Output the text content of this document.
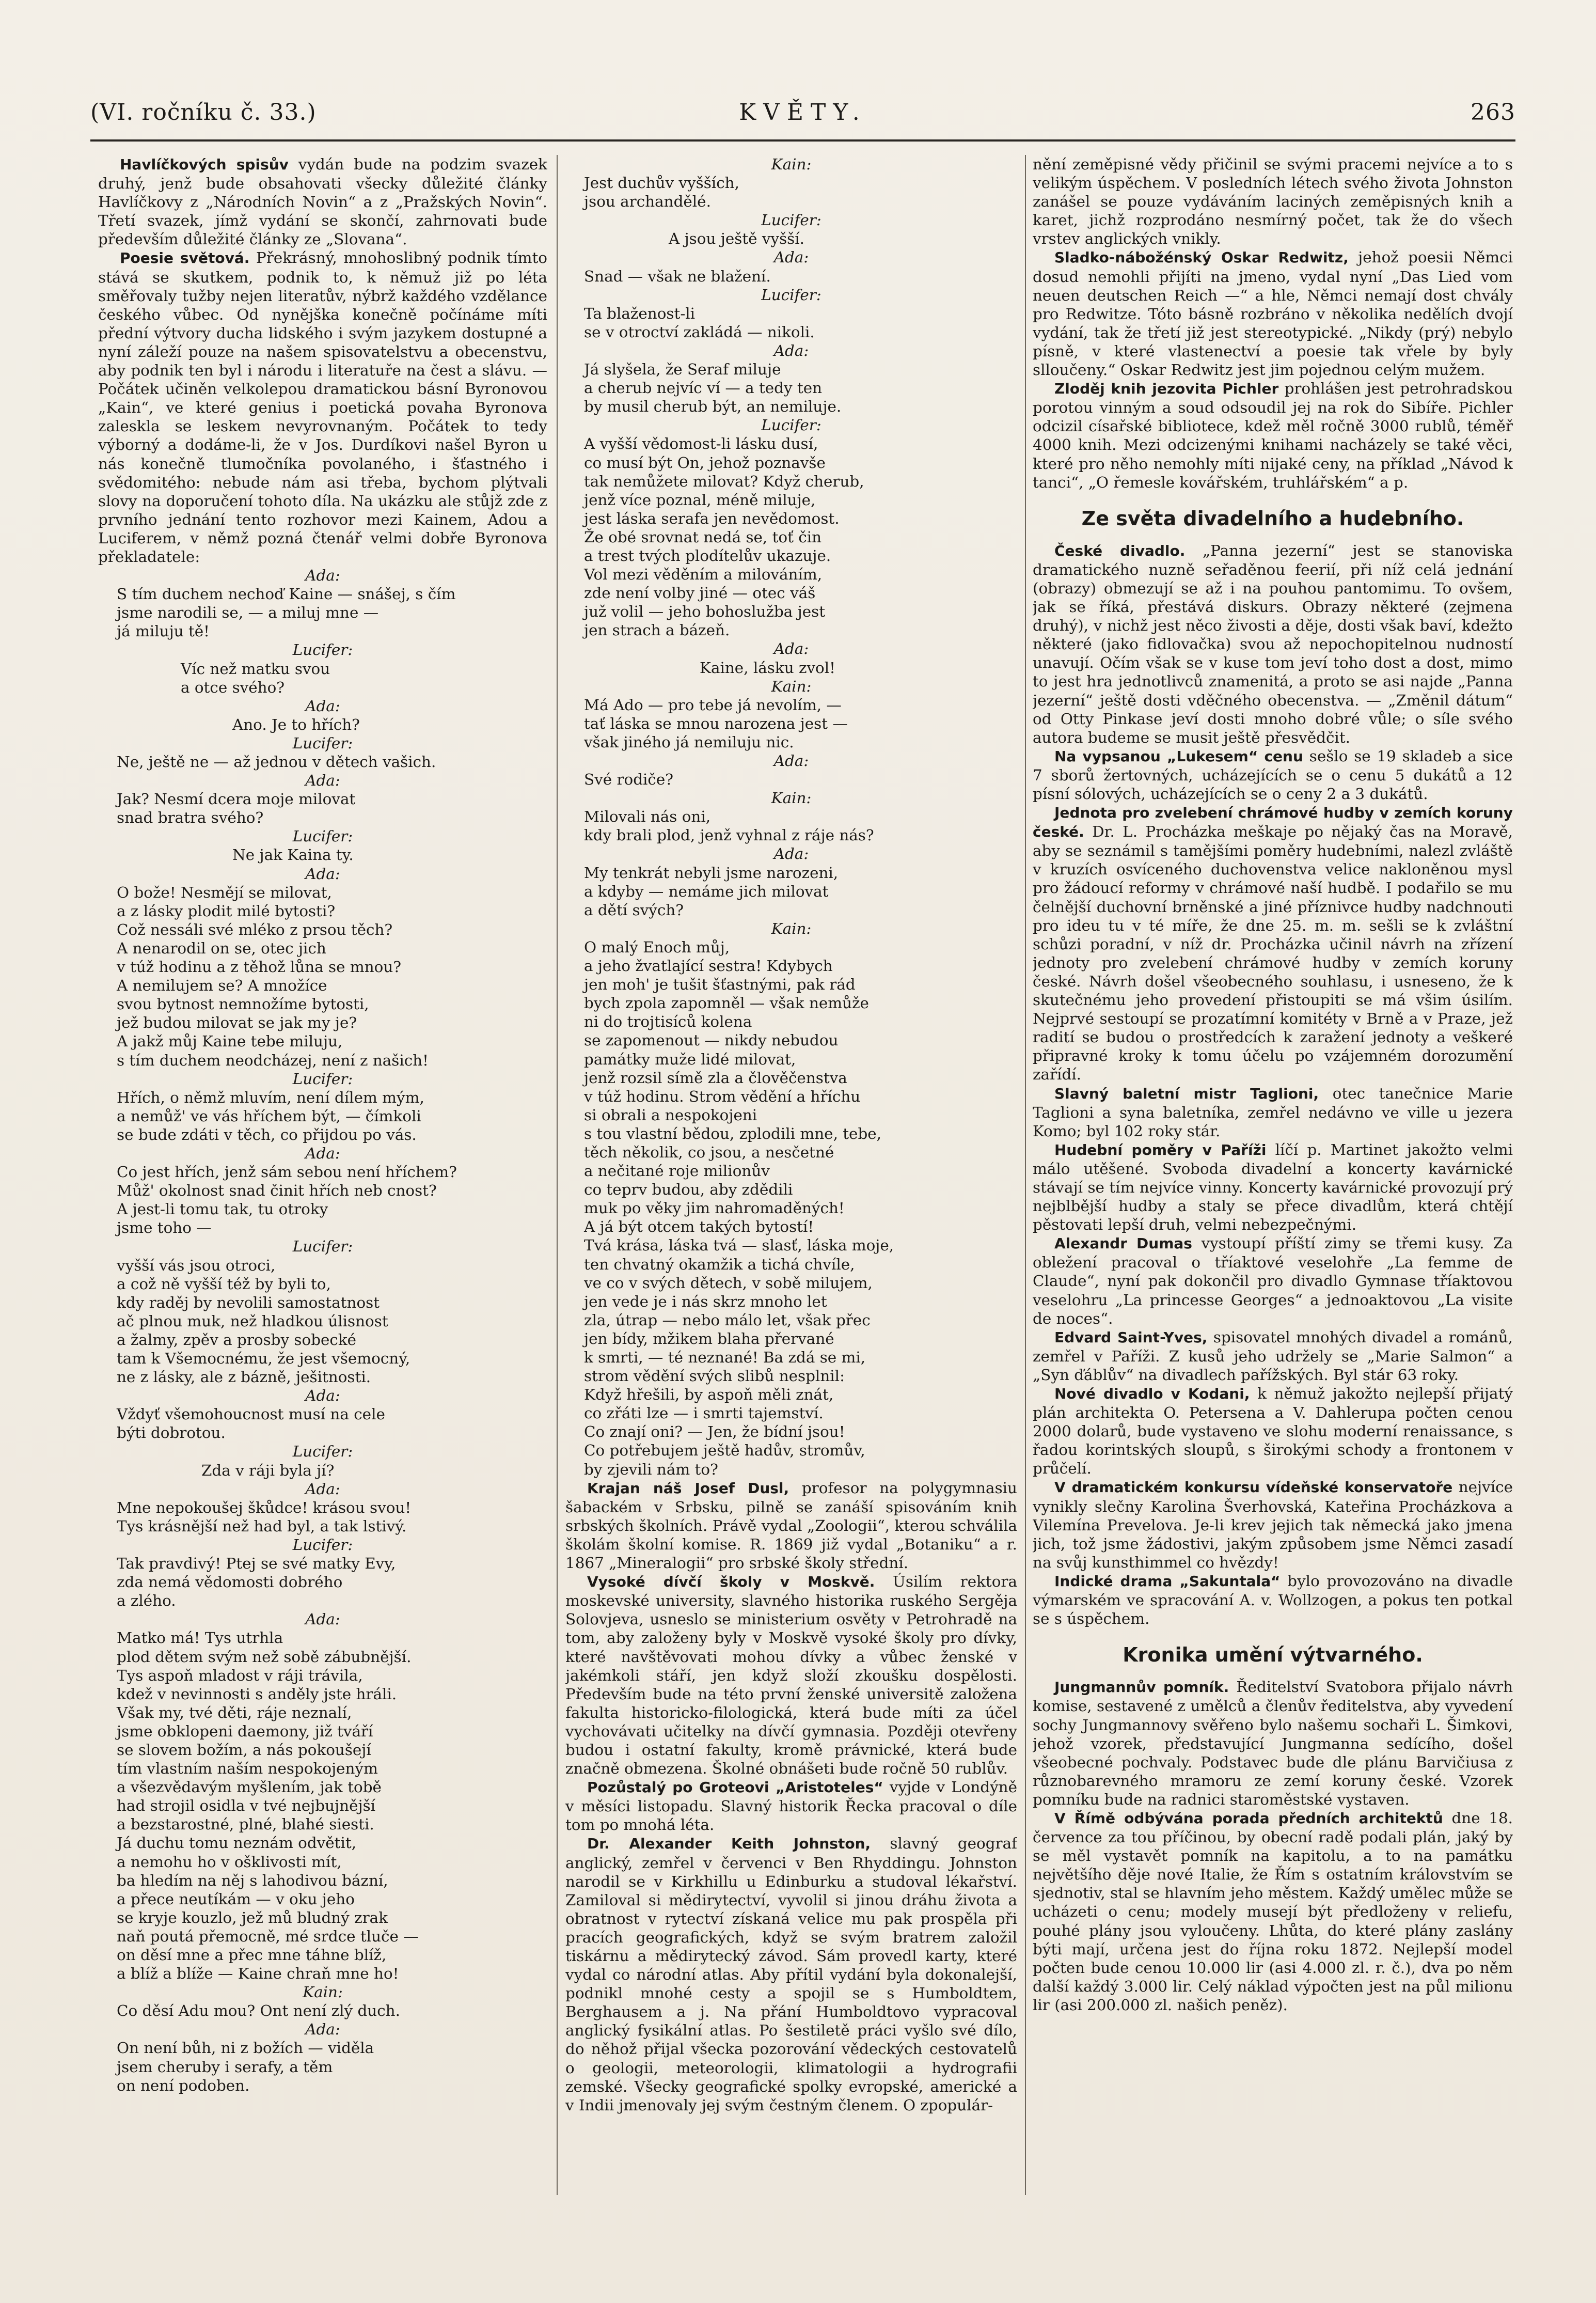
(VI. ročníku č. 33.)	KVĚTY.	263

Havlíčkových spisův vydán bude na podzim svazek druhý, jenž bude obsahovati všecky důležité články Havlíčkovy z „Národních Novin“ a z „Pražských Novin“. Třetí svazek, jímž vydání se skončí, zahrnovati bude především důležité články ze „Slovana“.

Poesie světová. Překrásný, mnohoslibný podnik tímto stává se skutkem, podnik to, k němuž již po léta směřovaly tužby nejen literatův, nýbrž každého vzdělance českého vůbec. Od nynějška konečně počínáme míti přední výtvory ducha lidského i svým jazykem dostupné a nyní záleží pouze na našem spisovatelstvu a obecenstvu, aby podnik ten byl i národu i literatuře na čest a slávu. — Počátek učiněn velkolepou dramatickou básní Byronovou „Kain“, ve které genius i poetická povaha Byronova zaleskla se leskem nevyrovnaným. Počátek to tedy výborný a dodáme-li, že v Jos. Durdíkovi našel Byron u nás konečně tlumočníka povolaného, i šťastného i svědomitého: nebude nám asi třeba, bychom plýtvali slovy na doporučení tohoto díla. Na ukázku ale stůjž zde z prvního jednání tento rozhovor mezi Kainem, Adou a Luciferem, v němž pozná čtenář velmi dobře Byronova překladatele:

Ada:

S tím duchem nechoď Kaine — snášej, s čím
jsme narodili se, — a miluj mne —
já miluju tě!

Lucifer:

Víc než matku svou
a otce svého?

Ada:

Ano. Je to hřích?

Lucifer:

Ne, ještě ne — až jednou v dětech vašich.

Ada:

Jak? Nesmí dcera moje milovat
snad bratra svého?

Lucifer:

Ne jak Kaina ty.

Ada:

O bože! Nesmějí se milovat,
a z lásky plodit milé bytosti?
Což nessáli své mléko z prsou těch?
A nenarodil on se, otec jich
v túž hodinu a z těhož lůna se mnou?
A nemilujem se? A množíce
svou bytnost nemnožíme bytosti,
jež budou milovat se jak my je?
A jakž můj Kaine tebe miluju,
s tím duchem neodcházej, není z našich!

Lucifer:

Hřích, o němž mluvím, není dílem mým,
a nemůž' ve vás hříchem být, — čímkoli
se bude zdáti v těch, co přijdou po vás.

Ada:

Co jest hřích, jenž sám sebou není hříchem?
Můž' okolnost snad činit hřích neb cnost?
A jest-li tomu tak, tu otroky
jsme toho —

Lucifer:

vyšší vás jsou otroci,
a což ně vyšší též by byli to,
kdy raděj by nevolili samostatnost
ač plnou muk, než hladkou úlisnost
a žalmy, zpěv a prosby sobecké
tam k Všemocnému, že jest všemocný,
ne z lásky, ale z bázně, ješitnosti.

Ada:

Vždyť všemohoucnost musí na cele
býti dobrotou.

Lucifer:

Zda v ráji byla jí?

Ada:

Mne nepokoušej škůdce! krásou svou!
Tys krásnější než had byl, a tak lstivý.

Lucifer:

Tak pravdivý! Ptej se své matky Evy,
zda nemá vědomosti dobrého
a zlého.

Ada:

Matko má! Tys utrhla
plod dětem svým než sobě zábubnější.
Tys aspoň mladost v ráji trávila,
kdež v nevinnosti s anděly jste hráli.
Však my, tvé děti, ráje neznalí,
jsme obklopeni daemony, již tváří
se slovem božím, a nás pokoušejí
tím vlastním naším nespokojeným
a všezvědavým myšlením, jak tobě
had strojil osidla v tvé nejbujnější
a bezstarostné, plné, blahé siesti.
Já duchu tomu neznám odvětit,
a nemohu ho v ošklivosti mít,
ba hledím na něj s lahodivou bázní,
a přece neutíkám — v oku jeho
se kryje kouzlo, jež mů bludný zrak
naň poutá přemocně, mé srdce tluče —
on děsí mne a přec mne táhne blíž,
a blíž a blíže — Kaine chraň mne ho!

Kain:

Co děsí Adu mou? Ont není zlý duch.

Ada:

On není bůh, ni z božích — viděla
jsem cheruby i serafy, a těm
on není podoben.

Kain:

Jest duchův vyšších,
jsou archandělé.

Lucifer:

A jsou ještě vyšší.

Ada:

Snad — však ne blažení.

Lucifer:

Ta blaženost-li
se v otroctví zakládá — nikoli.

Ada:

Já slyšela, že Seraf miluje
a cherub nejvíc ví — a tedy ten
by musil cherub být, an nemiluje.

Lucifer:

A vyšší vědomost-li lásku dusí,
co musí být On, jehož poznavše
tak nemůžete milovat? Když cherub,
jenž více poznal, méně miluje,
jest láska serafa jen nevědomost.
Že obé srovnat nedá se, toť čin
a trest tvých plodítelův ukazuje.
Vol mezi věděním a milováním,
zde není volby jiné — otec váš
juž volil — jeho bohoslužba jest
jen strach a bázeň.

Ada:

Kaine, lásku zvol!

Kain:

Má Ado — pro tebe já nevolím, —
tať láska se mnou narozena jest —
však jiného já nemiluju nic.

Ada:

Své rodiče?

Kain:

Milovali nás oni,
kdy brali plod, jenž vyhnal z ráje nás?

Ada:

My tenkrát nebyli jsme narozeni,
a kdyby — nemáme jich milovat
a dětí svých?

Kain:

O malý Enoch můj,
a jeho žvatlající sestra! Kdybych
jen moh' je tušit šťastnými, pak rád
bych zpola zapomněl — však nemůže
ni do trojtisíců kolena
se zapomenout — nikdy nebudou
památky muže lidé milovat,
jenž rozsil símě zla a člověčenstva
v túž hodinu. Strom vědění a hříchu
si obrali a nespokojeni
s tou vlastní bědou, zplodili mne, tebe,
těch několik, co jsou, a nesčetné
a nečitané roje milionův
co teprv budou, aby zdědili
muk po věky jim nahromaděných!
A já být otcem takých bytostí!
Tvá krása, láska tvá — slasť, láska moje,
ten chvatný okamžik a tichá chvíle,
ve co v svých dětech, v sobě milujem,
jen vede je i nás skrz mnoho let
zla, útrap — nebo málo let, však přec
jen bídy, mžikem blaha přervané
k smrti, — té neznané! Ba zdá se mi,
strom vědění svých slibů nesplnil:
Když hřešili, by aspoň měli znát,
co zřáti lze — i smrti tajemství.
Co znají oni? — Jen, že bídní jsou!
Co potřebujem ještě hadův, stromův,
by zjevili nám to?

Krajan náš Josef Dusl, profesor na polygymnasiu šabackém v Srbsku, pilně se zanáší spisováním knih srbských školních. Právě vydal „Zoologii“, kterou schválila školám školní komise. R. 1869 již vydal „Botaniku“ a r. 1867 „Mineralogii“ pro srbské školy střední.

Vysoké dívčí školy v Moskvě. Úsilím rektora moskevské university, slavného historika ruského Sergěja Solovjeva, usneslo se ministerium osvěty v Petrohradě na tom, aby založeny byly v Moskvě vysoké školy pro dívky, které navštěvovati mohou dívky a vůbec ženské v jakémkoli stáří, jen když složí zkoušku dospělosti. Především bude na této první ženské universitě založena fakulta historicko-filologická, která bude míti za účel vychovávati učitelky na dívčí gymnasia. Později otevřeny budou i ostatní fakulty, kromě právnické, která bude značně obmezena. Školné obnášeti bude ročně 50 rublův.

Pozůstalý po Groteovi „Aristoteles“ vyjde v Londýně v měsíci listopadu. Slavný historik Řecka pracoval o díle tom po mnohá léta.

Dr. Alexander Keith Johnston, slavný geograf anglický, zemřel v červenci v Ben Rhyddingu. Johnston narodil se v Kirkhillu u Edinburku a studoval lékařství. Zamiloval si mědirytectví, vyvolil si jinou dráhu života a obratnost v rytectví získaná velice mu pak prospěla při pracích geografických, když se svým bratrem založil tiskárnu a mědirytecký závod. Sám provedl karty, které vydal co národní atlas. Aby přítil vydání byla dokonalejší, podnikl mnohé cesty a spojil se s Humboldtem, Berghausem a j. Na přání Humboldtovo vypracoval anglický fysikální atlas. Po šestiletě práci vyšlo své dílo, do něhož přijal všecka pozorování vědeckých cestovatelů o geologii, meteorologii, klimatologii a hydrografii zemské. Všecky geografické spolky evropské, americké a v Indii jmenovaly jej svým čestným členem. O zpopulár-

nění zeměpisné vědy přičinil se svými pracemi nejvíce a to s velikým úspěchem. V posledních létech svého života Johnston zanášel se pouze vydáváním laciných zeměpisných knih a karet, jichž rozprodáno nesmírný počet, tak že do všech vrstev anglických vnikly.

Sladko-nábožénský Oskar Redwitz, jehož poesii Němci dosud nemohli přijíti na jmeno, vydal nyní „Das Lied vom neuen deutschen Reich —“ a hle, Němci nemají dost chvály pro Redwitze. Tóto básně rozbráno v několika nedělích dvojí vydání, tak že třetí již jest stereotypické. „Nikdy (prý) nebylo písně, v které vlastenectví a poesie tak vřele by byly slloučeny.“ Oskar Redwitz jest jim pojednou celým mužem.

Zloděj knih jezovita Pichler prohlášen jest petrohradskou porotou vinným a soud odsoudil jej na rok do Sibíře. Pichler odcizil císařské bibliotece, kdež měl ročně 3000 rublů, téměř 4000 knih. Mezi odcizenými knihami nacházely se také věci, které pro něho nemohly míti nijaké ceny, na příklad „Návod k tanci“, „O řemesle kovářském, truhlářském“ a p.

Ze světa divadelního a hudebního.

České divadlo. „Panna jezerní“ jest se stanoviska dramatického nuzně seřaděnou feerií, při níž celá jednání (obrazy) obmezují se až i na pouhou pantomimu. To ovšem, jak se říká, přestává diskurs. Obrazy některé (zejmena druhý), v nichž jest něco živosti a děje, dosti však baví, kdežto některé (jako fidlovačka) svou až nepochopitelnou nudností unavují. Očím však se v kuse tom jeví toho dost a dost, mimo to jest hra jednotlivců znamenitá, a proto se asi najde „Panna jezerní“ ještě dosti vděčného obecenstva. — „Změnil dátum“ od Otty Pinkase jeví dosti mnoho dobré vůle; o síle svého autora budeme se musit ještě přesvědčit.

Na vypsanou „Lukesem“ cenu sešlo se 19 skladeb a sice 7 sborů žertovných, ucházejících se o cenu 5 dukátů a 12 písní sólových, ucházejících se o ceny 2 a 3 dukátů.

Jednota pro zvelebení chrámové hudby v zemích koruny české. Dr. L. Procházka meškaje po nějaký čas na Moravě, aby se seznámil s tamějšími poměry hudebními, nalezl zvláště v kruzích osvíceného duchovenstva velice nakloněnou mysl pro žádoucí reformy v chrámové naší hudbě. I podařilo se mu čelnější duchovní brněnské a jiné příznivce hudby nadchnouti pro ideu tu v té míře, že dne 25. m. m. sešli se k zvláštní schůzi poradní, v níž dr. Procházka učinil návrh na zřízení jednoty pro zvelebení chrámové hudby v zemích koruny české. Návrh došel všeobecného souhlasu, i usneseno, že k skutečnému jeho provedení přistoupiti se má všim úsilím. Nejprvé sestoupí se prozatímní komitéty v Brně a v Praze, jež radití se budou o prostředcích k zaražení jednoty a veškeré připravné kroky k tomu účelu po vzájemném dorozumění zařídí.

Slavný baletní mistr Taglioni, otec tanečnice Marie Taglioni a syna baletníka, zemřel nedávno ve ville u jezera Komo; byl 102 roky stár.

Hudební poměry v Paříži líčí p. Martinet jakožto velmi málo utěšené. Svoboda divadelní a koncerty kavárnické stávají se tím nejvíce vinny. Koncerty kavárnické provozují prý nejblbější hudby a staly se přece divadlům, která chtějí pěstovati lepší druh, velmi nebezpečnými.

Alexandr Dumas vystoupí příští zimy se třemi kusy. Za obležení pracoval o tříaktové veselohře „La femme de Claude“, nyní pak dokončil pro divadlo Gymnase tříaktovou veselohru „La princesse Georges“ a jednoaktovou „La visite de noces“.

Edvard Saint-Yves, spisovatel mnohých divadel a románů, zemřel v Paříži. Z kusů jeho udržely se „Marie Salmon“ a „Syn ďáblův“ na divadlech pařížských. Byl stár 63 roky.

Nové divadlo v Kodani, k němuž jakožto nejlepší přijatý plán architekta O. Petersena a V. Dahlerupa počten cenou 2000 dolarů, bude vystaveno ve slohu moderní renaissance, s řadou korintských sloupů, s širokými schody a frontonem v průčelí.

V dramatickém konkursu vídeňské konservatoře nejvíce vynikly slečny Karolina Šverhovská, Kateřina Procházkova a Vilemína Prevelova. Je-li krev jejich tak německá jako jmena jich, tož jsme žádostivi, jakým způsobem jsme Němci zasadí na svůj kunsthimmel co hvězdy!

Indické drama „Sakuntala“ bylo provozováno na divadle výmarském ve spracování A. v. Wollzogen, a pokus ten potkal se s úspěchem.

Kronika umění výtvarného.

Jungmannův pomník. Ředitelství Svatobora přijalo návrh komise, sestavené z umělců a členův ředitelstva, aby vyvedení sochy Jungmannovy svěřeno bylo našemu sochaři L. Šimkovi, jehož vzorek, představující Jungmanna sedícího, došel všeobecné pochvaly. Podstavec bude dle plánu Barvičiusa z různobarevného mramoru ze zemí koruny české. Vzorek pomníku bude na radnici staroměstské vystaven.

V Římě odbývána porada předních architektů dne 18. července za tou příčinou, by obecní radě podali plán, jaký by se měl vystavět pomník na kapitolu, a to na památku největšího děje nové Italie, že Řím s ostatním královstvím se sjednotiv, stal se hlavním jeho městem. Každý umělec může se ucházeti o cenu; modely musejí být předloženy v reliefu, pouhé plány jsou vyloučeny. Lhůta, do které plány zaslány býti mají, určena jest do října roku 1872. Nejlepší model počten bude cenou 10.000 lir (asi 4.000 zl. r. č.), dva po něm další každý 3.000 lir. Celý náklad výpočten jest na půl milionu lir (asi 200.000 zl. našich peněz).
